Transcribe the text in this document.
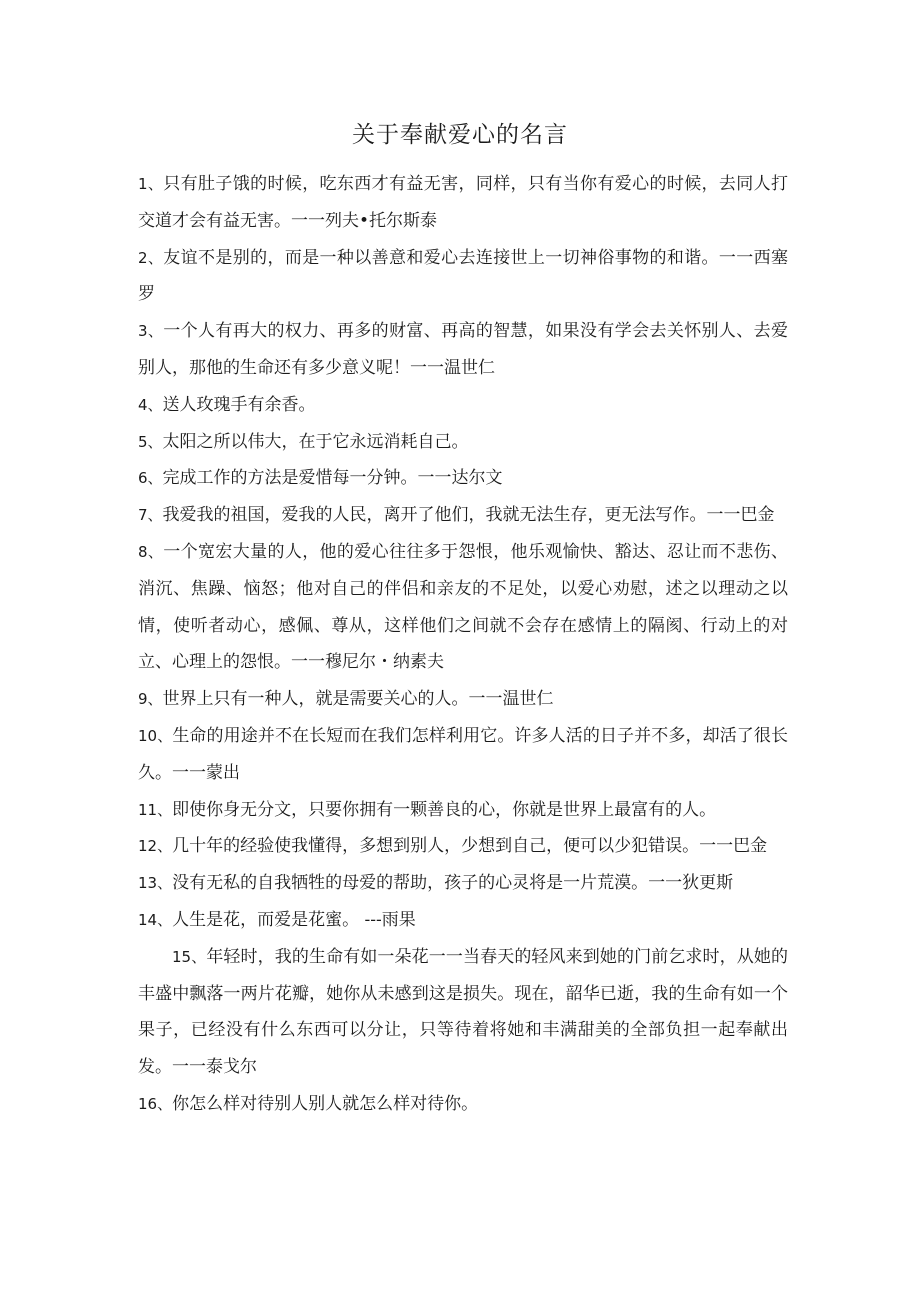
关于奉献爱心的名言

1、只有肚子饿的时候，吃东西才有益无害，同样，只有当你有爱心的时候，去同人打交道才会有益无害。一一列夫•托尔斯泰

2、友谊不是别的，而是一种以善意和爱心去连接世上一切神俗事物的和谐。一一西塞罗

3、一个人有再大的权力、再多的财富、再高的智慧，如果没有学会去关怀别人、去爱别人，那他的生命还有多少意义呢！一一温世仁

4、送人玫瑰手有余香。

5、太阳之所以伟大，在于它永远消耗自己。

6、完成工作的方法是爱惜每一分钟。一一达尔文

7、我爱我的祖国，爱我的人民，离开了他们，我就无法生存，更无法写作。一一巴金

8、一个宽宏大量的人，他的爱心往往多于怨恨，他乐观愉快、豁达、忍让而不悲伤、消沉、焦躁、恼怒；他对自己的伴侣和亲友的不足处，以爱心劝慰，述之以理动之以情，使听者动心，感佩、尊从，这样他们之间就不会存在感情上的隔阂、行动上的对立、心理上的怨恨。一一穆尼尔・纳素夫

9、世界上只有一种人，就是需要关心的人。一一温世仁

10、生命的用途并不在长短而在我们怎样利用它。许多人活的日子并不多，却活了很长久。一一蒙出

11、即使你身无分文，只要你拥有一颗善良的心，你就是世界上最富有的人。

12、几十年的经验使我懂得，多想到别人，少想到自己，便可以少犯错误。一一巴金

13、没有无私的自我牺牲的母爱的帮助，孩子的心灵将是一片荒漠。一一狄更斯

14、人生是花，而爱是花蜜。 ---雨果

15、年轻时，我的生命有如一朵花一一当春天的轻风来到她的门前乞求时，从她的丰盛中飘落一两片花瓣，她你从未感到这是损失。现在，韶华已逝，我的生命有如一个果子，已经没有什么东西可以分让，只等待着将她和丰满甜美的全部负担一起奉献出发。一一泰戈尔

16、你怎么样对待别人别人就怎么样对待你。
